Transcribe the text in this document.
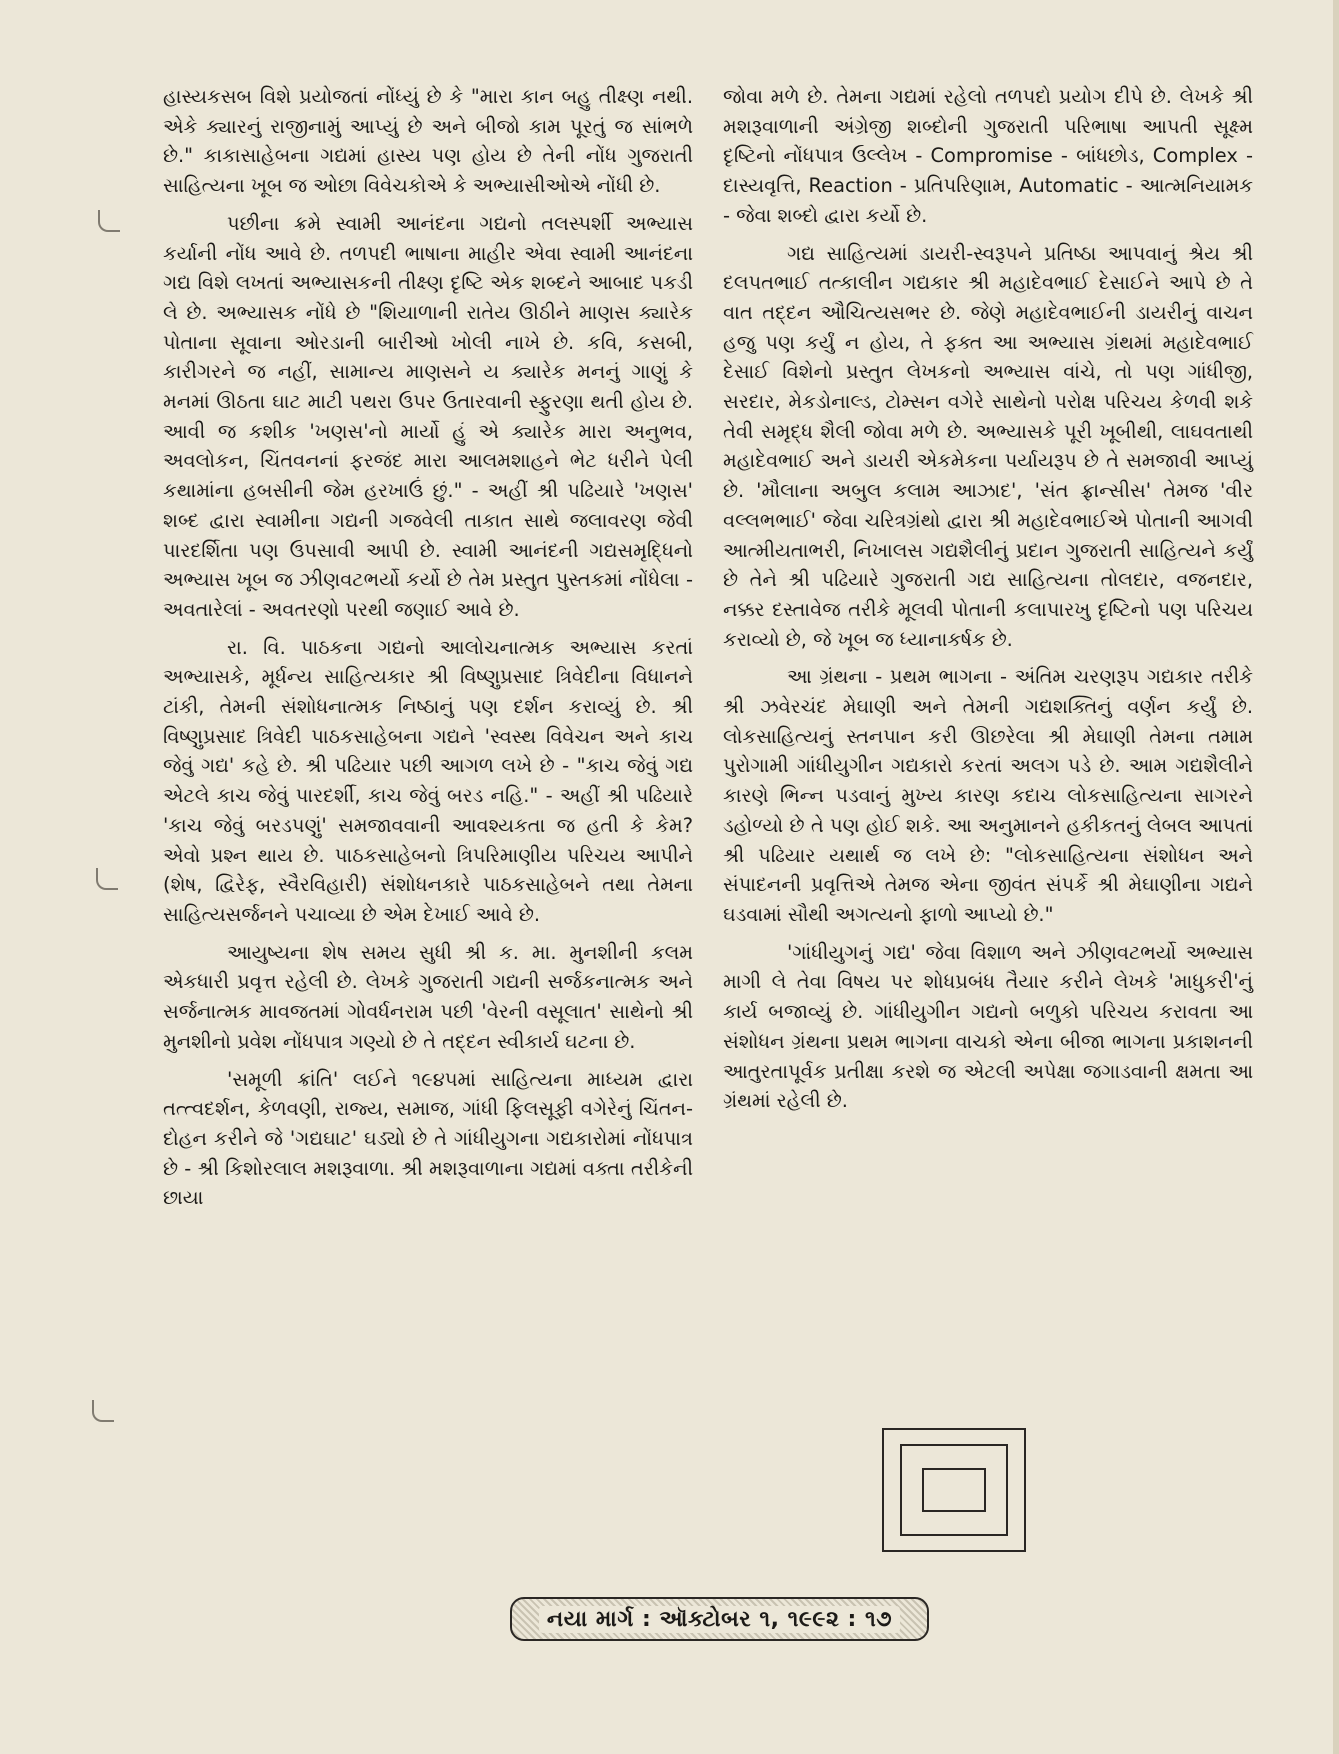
હાસ્યકસબ વિશે પ્રયોજતાં નોંધ્યું છે કે "મારા કાન બહુ તીક્ષ્ણ નથી. એકે ક્યારનું રાજીનામું આપ્યું છે અને બીજો કામ પૂરતું જ સાંભળે છે." કાકાસાહેબના ગદ્યમાં હાસ્ય પણ હોય છે તેની નોંધ ગુજરાતી સાહિત્યના ખૂબ જ ઓછા વિવેચકોએ કે અભ્યાસીઓએ નોંધી છે.

પછીના ક્રમે સ્વામી આનંદના ગદ્યનો તલસ્પર્શી અભ્યાસ કર્યાની નોંધ આવે છે. તળપદી ભાષાના માહીર એવા સ્વામી આનંદના ગદ્ય વિશે લખતાં અભ્યાસકની તીક્ષ્ણ દૃષ્ટિ એક શબ્દને આબાદ પકડી લે છે. અભ્યાસક નોંધે છે "શિયાળાની રાતેય ઊઠીને માણસ ક્યારેક પોતાના સૂવાના ઓરડાની બારીઓ ખોલી નાખે છે. કવિ, કસબી, કારીગરને જ નહીં, સામાન્ય માણસને ય ક્યારેક મનનું ગાણું કે મનમાં ઊઠતા ઘાટ માટી પથરા ઉપર ઉતારવાની સ્ફુરણા થતી હોય છે. આવી જ કશીક 'ખણસ'નો માર્યો હું એ ક્યારેક મારા અનુભવ, અવલોકન, ચિંતવનનાં ફરજંદ મારા આલમશાહને ભેટ ધરીને પેલી કથામાંના હબસીની જેમ હરખાઉં છું." - અહીં શ્રી પઢિયારે 'ખણસ' શબ્દ દ્વારા સ્વામીના ગદ્યની ગજવેલી તાકાત સાથે જલાવરણ જેવી પારદર્શિતા પણ ઉપસાવી આપી છે. સ્વામી આનંદની ગદ્યસમૃદ્ધિનો અભ્યાસ ખૂબ જ ઝીણવટભર્યો કર્યો છે તેમ પ્રસ્તુત પુસ્તકમાં નોંધેલા - અવતારેલાં - અવતરણો પરથી જણાઈ આવે છે.

રા. વિ. પાઠકના ગદ્યનો આલોચનાત્મક અભ્યાસ કરતાં અભ્યાસકે, મૂર્ધન્ય સાહિત્યકાર શ્રી વિષ્ણુપ્રસાદ ત્રિવેદીના વિધાનને ટાંકી, તેમની સંશોધનાત્મક નિષ્ઠાનું પણ દર્શન કરાવ્યું છે. શ્રી વિષ્ણુપ્રસાદ ત્રિવેદી પાઠકસાહેબના ગદ્યને 'સ્વસ્થ વિવેચન અને કાચ જેવું ગદ્ય' કહે છે. શ્રી પઢિયાર પછી આગળ લખે છે - "કાચ જેવું ગદ્ય એટલે કાચ જેવું પારદર્શી, કાચ જેવું બરડ નહિ." - અહીં શ્રી પઢિયારે 'કાચ જેવું બરડપણું' સમજાવવાની આવશ્યકતા જ હતી કે કેમ? એવો પ્રશ્ન થાય છે. પાઠકસાહેબનો ત્રિપરિમાણીય પરિચય આપીને (શેષ, દ્વિરેફ, સ્વૈરવિહારી) સંશોધનકારે પાઠકસાહેબને તથા તેમના સાહિત્યસર્જનને પચાવ્યા છે એમ દેખાઈ આવે છે.

આયુષ્યના શેષ સમય સુધી શ્રી ક. મા. મુનશીની કલમ એકધારી પ્રવૃત્ત રહેલી છે. લેખકે ગુજરાતી ગદ્યની સર્જકનાત્મક અને સર્જનાત્મક માવજતમાં ગોવર્ધનરામ પછી 'વેરની વસૂલાત' સાથેનો શ્રી મુનશીનો પ્રવેશ નોંધપાત્ર ગણ્યો છે તે તદ્દન સ્વીકાર્ય ઘટના છે.

'સમૂળી ક્રાંતિ' લઈને ૧૯૪૫માં સાહિત્યના માધ્યમ દ્વારા તત્ત્વદર્શન, કેળવણી, રાજ્ય, સમાજ, ગાંધી ફિલસૂફી વગેરેનું ચિંતન-દોહન કરીને જે 'ગદ્યઘાટ' ઘડ્યો છે તે ગાંધીયુગના ગદ્યકારોમાં નોંધપાત્ર છે - શ્રી કિશોરલાલ મશરૂવાળા. શ્રી મશરૂવાળાના ગદ્યમાં વક્તા તરીકેની છાયા

જોવા મળે છે. તેમના ગદ્યમાં રહેલો તળપદો પ્રયોગ દીપે છે. લેખકે શ્રી મશરૂવાળાની અંગ્રેજી શબ્દોની ગુજરાતી પરિભાષા આપતી સૂક્ષ્મ દૃષ્ટિનો નોંધપાત્ર ઉલ્લેખ - Compromise - બાંધછોડ, Complex - દાસ્યવૃત્તિ, Reaction - પ્રતિપરિણામ, Automatic - આત્મનિયામક - જેવા શબ્દો દ્વારા કર્યો છે.

ગદ્ય સાહિત્યમાં ડાયરી-સ્વરૂપને પ્રતિષ્ઠા આપવાનું શ્રેય શ્રી દલપતભાઈ તત્કાલીન ગદ્યકાર શ્રી મહાદેવભાઈ દેસાઈને આપે છે તે વાત તદ્દન ઔચિત્યસભર છે. જેણે મહાદેવભાઈની ડાયરીનું વાચન હજુ પણ કર્યું ન હોય, તે ફક્ત આ અભ્યાસ ગ્રંથમાં મહાદેવભાઈ દેસાઈ વિશેનો પ્રસ્તુત લેખકનો અભ્યાસ વાંચે, તો પણ ગાંધીજી, સરદાર, મેકડોનાલ્ડ, ટોમ્સન વગેરે સાથેનો પરોક્ષ પરિચય કેળવી શકે તેવી સમૃદ્ધ શૈલી જોવા મળે છે. અભ્યાસકે પૂરી ખૂબીથી, લાઘવતાથી મહાદેવભાઈ અને ડાયરી એકમેકના પર્યાયરૂપ છે તે સમજાવી આપ્યું છે. 'મૌલાના અબુલ કલામ આઝાદ', 'સંત ફ્રાન્સીસ' તેમજ 'વીર વલ્લભભાઈ' જેવા ચરિત્રગ્રંથો દ્વારા શ્રી મહાદેવભાઈએ પોતાની આગવી આત્મીયતાભરી, નિખાલસ ગદ્યશૈલીનું પ્રદાન ગુજરાતી સાહિત્યને કર્યું છે તેને શ્રી પઢિયારે ગુજરાતી ગદ્ય સાહિત્યના તોલદાર, વજનદાર, નક્કર દસ્તાવેજ તરીકે મૂલવી પોતાની કલાપારખુ દૃષ્ટિનો પણ પરિચય કરાવ્યો છે, જે ખૂબ જ ધ્યાનાકર્ષક છે.

આ ગ્રંથના - પ્રથમ ભાગના - અંતિમ ચરણરૂપ ગદ્યકાર તરીકે શ્રી ઝવેરચંદ મેઘાણી અને તેમની ગદ્યશક્તિનું વર્ણન કર્યું છે. લોકસાહિત્યનું સ્તનપાન કરી ઊછરેલા શ્રી મેઘાણી તેમના તમામ પુરોગામી ગાંધીયુગીન ગદ્યકારો કરતાં અલગ પડે છે. આમ ગદ્યશૈલીને કારણે ભિન્ન પડવાનું મુખ્ય કારણ કદાચ લોકસાહિત્યના સાગરને ડહોળ્યો છે તે પણ હોઈ શકે. આ અનુમાનને હકીકતનું લેબલ આપતાં શ્રી પઢિયાર યથાર્થ જ લખે છે: "લોકસાહિત્યના સંશોધન અને સંપાદનની પ્રવૃત્તિએ તેમજ એના જીવંત સંપર્કે શ્રી મેઘાણીના ગદ્યને ઘડવામાં સૌથી અગત્યનો ફાળો આપ્યો છે."

'ગાંધીયુગનું ગદ્ય' જેવા વિશાળ અને ઝીણવટભર્યો અભ્યાસ માગી લે તેવા વિષય પર શોધપ્રબંધ તૈયાર કરીને લેખકે 'માધુકરી'નું કાર્ય બજાવ્યું છે. ગાંધીયુગીન ગદ્યનો બળુકો પરિચય કરાવતા આ સંશોધન ગ્રંથના પ્રથમ ભાગના વાચકો એના બીજા ભાગના પ્રકાશનની આતુરતાપૂર્વક પ્રતીક્ષા કરશે જ એટલી અપેક્ષા જગાડવાની ક્ષમતા આ ગ્રંથમાં રહેલી છે.

નયા માર્ગ : ઑક્ટોબર ૧, ૧૯૯૨ : ૧૭
